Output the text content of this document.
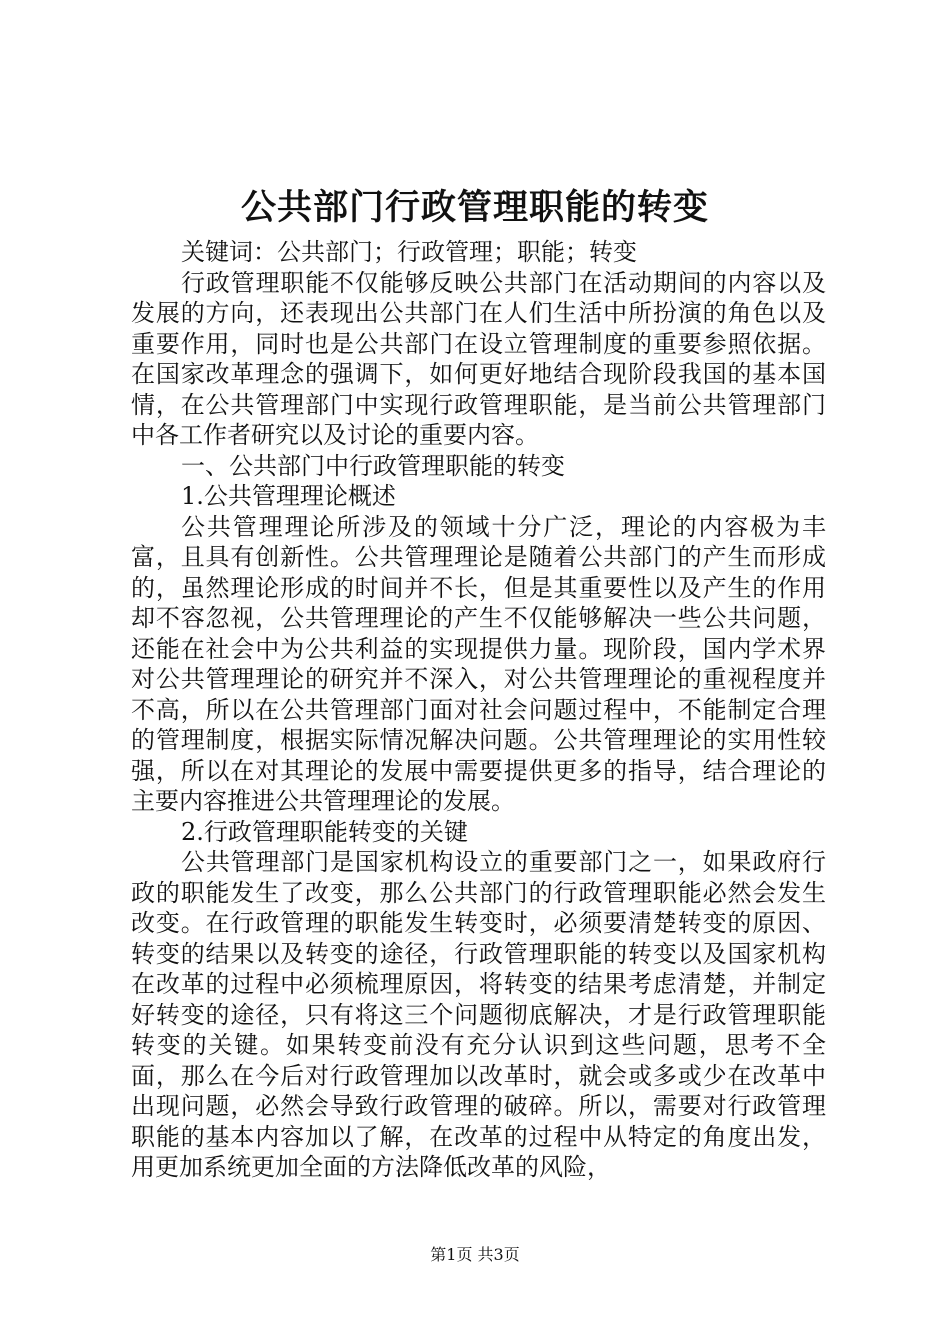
公共部门行政管理职能的转变

关键词：公共部门；行政管理；职能；转变

行政管理职能不仅能够反映公共部门在活动期间的内容以及发展的方向，还表现出公共部门在人们生活中所扮演的角色以及重要作用，同时也是公共部门在设立管理制度的重要参照依据。在国家改革理念的强调下，如何更好地结合现阶段我国的基本国情，在公共管理部门中实现行政管理职能，是当前公共管理部门中各工作者研究以及讨论的重要内容。

一、公共部门中行政管理职能的转变

1.公共管理理论概述

公共管理理论所涉及的领域十分广泛，理论的内容极为丰富，且具有创新性。公共管理理论是随着公共部门的产生而形成的，虽然理论形成的时间并不长，但是其重要性以及产生的作用却不容忽视，公共管理理论的产生不仅能够解决一些公共问题，还能在社会中为公共利益的实现提供力量。现阶段，国内学术界对公共管理理论的研究并不深入，对公共管理理论的重视程度并不高，所以在公共管理部门面对社会问题过程中，不能制定合理的管理制度，根据实际情况解决问题。公共管理理论的实用性较强，所以在对其理论的发展中需要提供更多的指导，结合理论的主要内容推进公共管理理论的发展。

2.行政管理职能转变的关键

公共管理部门是国家机构设立的重要部门之一，如果政府行政的职能发生了改变，那么公共部门的行政管理职能必然会发生改变。在行政管理的职能发生转变时，必须要清楚转变的原因、转变的结果以及转变的途径，行政管理职能的转变以及国家机构在改革的过程中必须梳理原因，将转变的结果考虑清楚，并制定好转变的途径，只有将这三个问题彻底解决，才是行政管理职能转变的关键。如果转变前没有充分认识到这些问题，思考不全面，那么在今后对行政管理加以改革时，就会或多或少在改革中出现问题，必然会导致行政管理的破碎。所以，需要对行政管理职能的基本内容加以了解，在改革的过程中从特定的角度出发，用更加系统更加全面的方法降低改革的风险，

第1页 共3页
